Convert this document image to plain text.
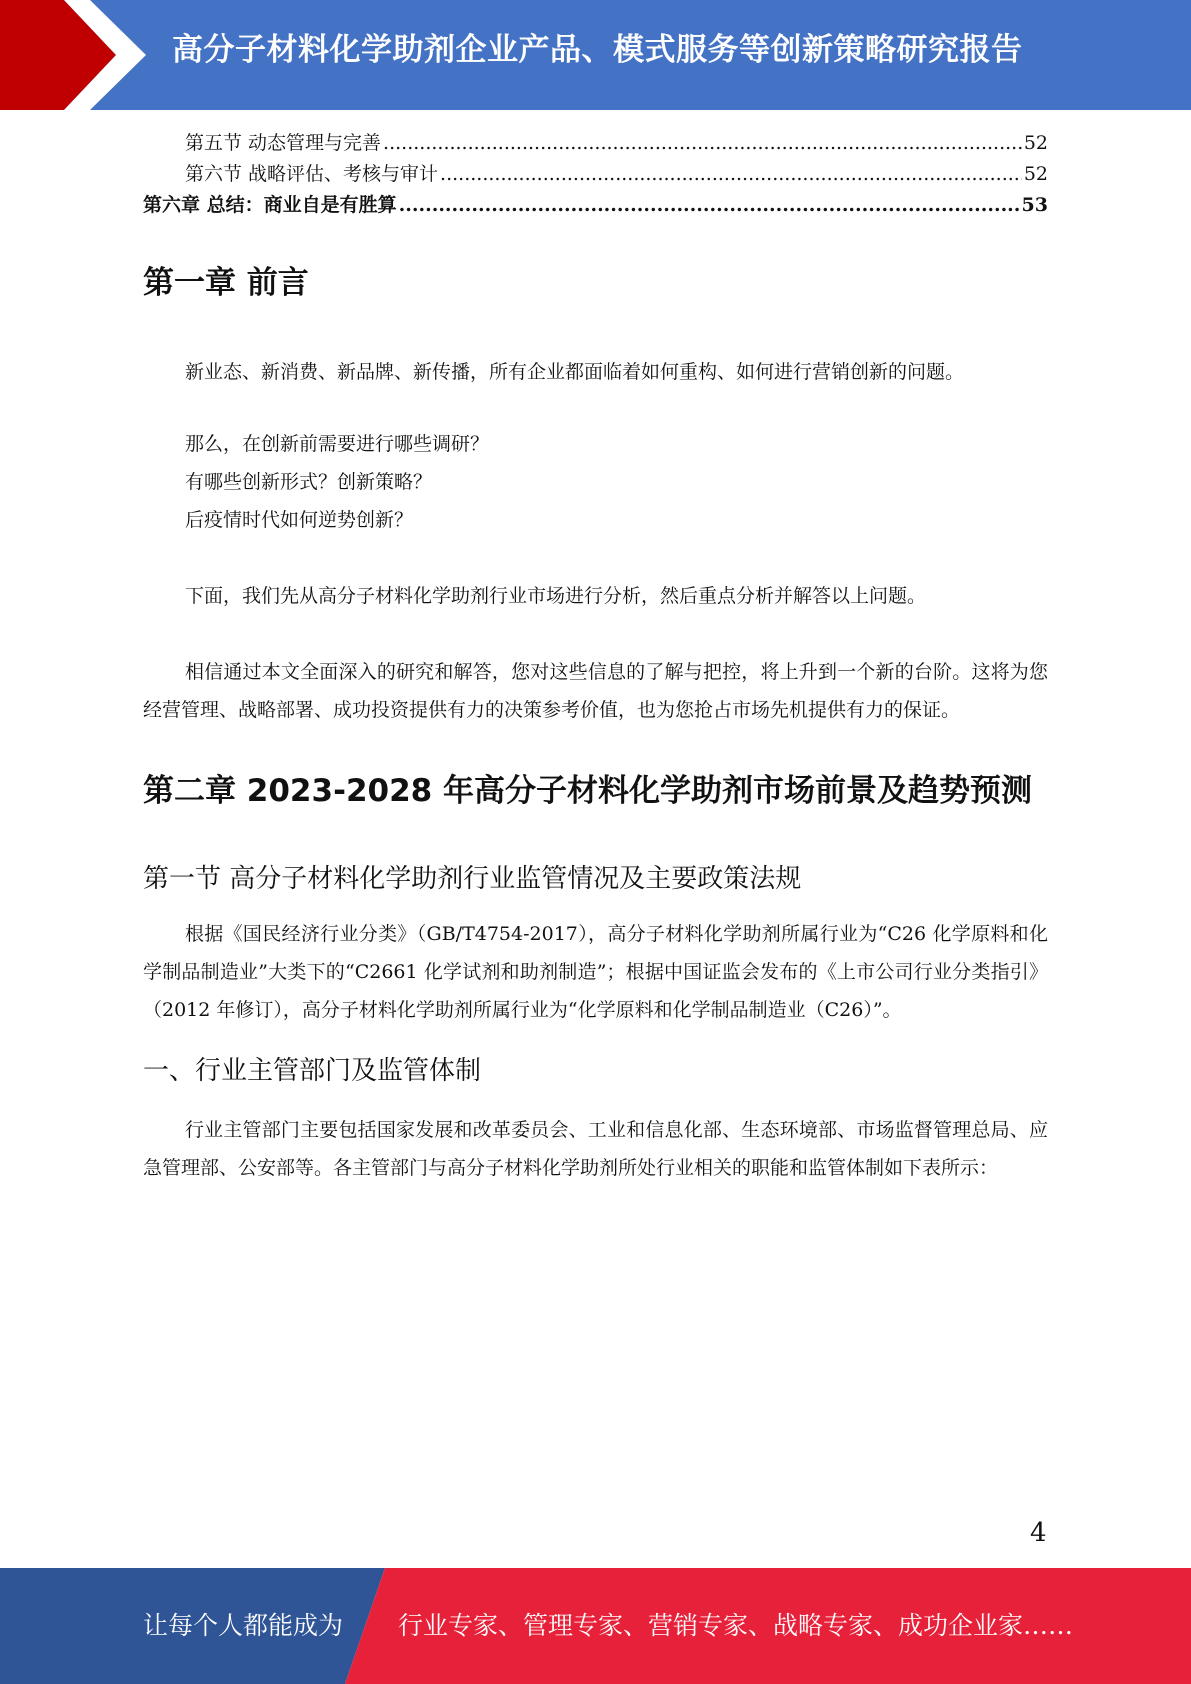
高分子材料化学助剂企业产品、模式服务等创新策略研究报告
第五节 动态管理与完善 .....	52
第六节 战略评估、考核与审计 .....	52
第六章 总结：商业自是有胜算 .....	53
第一章 前言

新业态、新消费、新品牌、新传播，所有企业都面临着如何重构、如何进行营销创新的问题。

那么，在创新前需要进行哪些调研？

有哪些创新形式？创新策略？

后疫情时代如何逆势创新？

下面，我们先从高分子材料化学助剂行业市场进行分析，然后重点分析并解答以上问题。

相信通过本文全面深入的研究和解答，您对这些信息的了解与把控，将上升到一个新的台阶。这将为您经营管理、战略部署、成功投资提供有力的决策参考价值，也为您抢占市场先机提供有力的保证。

第二章 2023-2028 年高分子材料化学助剂市场前景及趋势预测
第一节 高分子材料化学助剂行业监管情况及主要政策法规

根据《国民经济行业分类》（GB/T4754-2017），高分子材料化学助剂所属行业为“C26 化学原料和化学制品制造业”大类下的“C2661 化学试剂和助剂制造”；根据中国证监会发布的《上市公司行业分类指引》（2012 年修订），高分子材料化学助剂所属行业为“化学原料和化学制品制造业（C26）”。

一、行业主管部门及监管体制

行业主管部门主要包括国家发展和改革委员会、工业和信息化部、生态环境部、市场监督管理总局、应急管理部、公安部等。各主管部门与高分子材料化学助剂所处行业相关的职能和监管体制如下表所示：

4
让每个人都能成为 行业专家、管理专家、营销专家、战略专家、成功企业家……
